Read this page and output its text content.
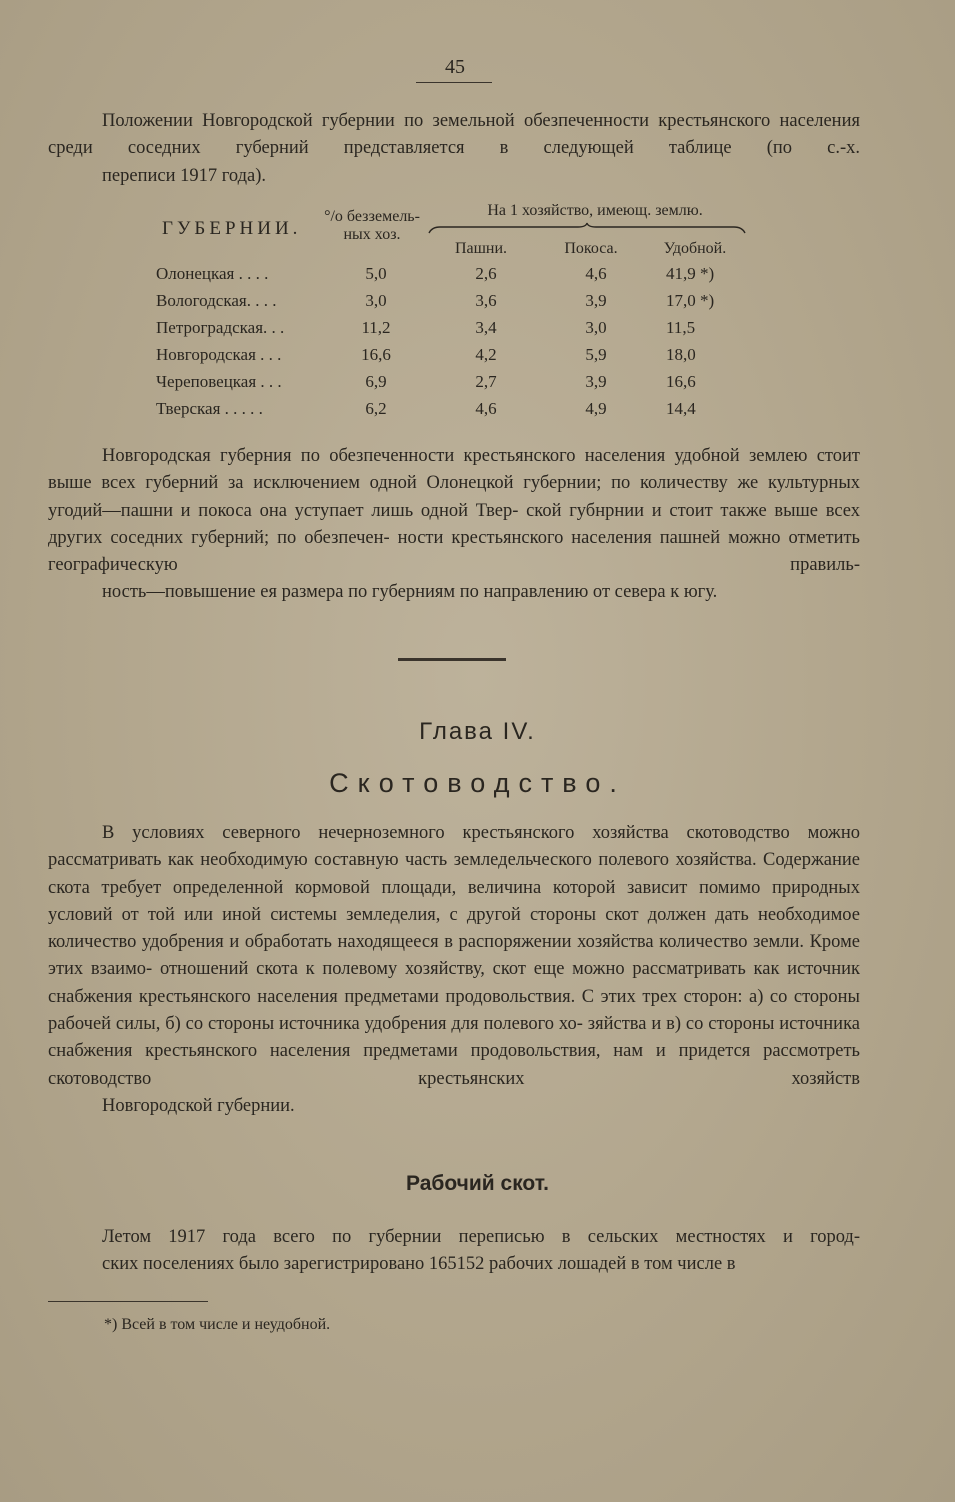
45
Положении Новгородской губернии по земельной обезпеченности крестьянского населения среди соседних губерний представляется в следующей таблице (по с.-х.
переписи 1917 года).
ГУБЕРНИИ.
°/o безземель-
ных хоз.
На 1 хозяйство, имеющ. землю.
Пашни.	Покоса.	Удобной.
Олонецкая . . . .	5,0	2,6	4,6	41,9 *)
Вологодская. . . .	3,0	3,6	3,9	17,0 *)
Петроградская. . .	11,2	3,4	3,0	11,5
Новгородская . . .	16,6	4,2	5,9	18,0
Череповецкая . . .	6,9	2,7	3,9	16,6
Тверская . . . . .	6,2	4,6	4,9	14,4
Новгородская губерния по обезпеченности крестьянского населения удобной землею стоит выше всех губерний за исключением одной Олонецкой губернии; по количеству же культурных угодий—пашни и покоса она уступает лишь одной Твер- ской губнрнии и стоит также выше всех других соседних губерний; по обезпечен- ности крестьянского населения пашней можно отметить географическую правиль-
ность—повышение ея размера по губерниям по направлению от севера к югу.
Глава IV.
Скотоводство.
В условиях северного нечерноземного крестьянского хозяйства скотоводство можно рассматривать как необходимую составную часть земледельческого полевого хозяйства. Содержание скота требует определенной кормовой площади, величина которой зависит помимо природных условий от той или иной системы земледелия, с другой стороны скот должен дать необходимое количество удобрения и обработать находящееся в распоряжении хозяйства количество земли. Кроме этих взаимо- отношений скота к полевому хозяйству, скот еще можно рассматривать как источник снабжения крестьянского населения предметами продовольствия. С этих трех сторон: а) со стороны рабочей силы, б) со стороны источника удобрения для полевого хо- зяйства и в) со стороны источника снабжения крестьянского населения предметами продовольствия, нам и придется рассмотреть скотоводство крестьянских хозяйств
Новгородской губернии.
Рабочий скот.
Летом 1917 года всего по губернии переписью в сельских местностях и город-
ских поселениях было зарегистрировано 165152 рабочих лошадей в том числе в
*) Всей в том числе и неудобной.
